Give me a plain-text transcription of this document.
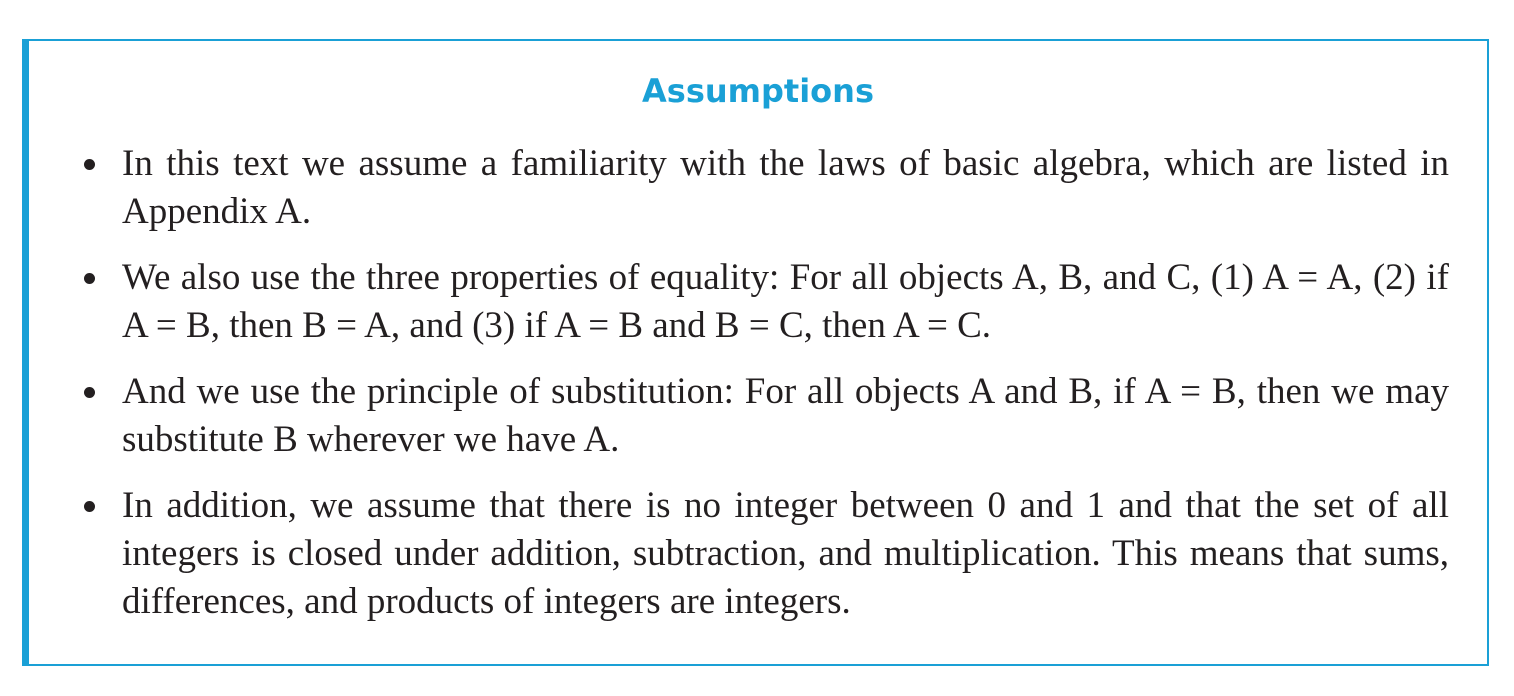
Assumptions
In this text we assume a familiarity with the laws of basic algebra, which are listed in Appendix A.
We also use the three properties of equality: For all objects A, B, and C, (1) A = A, (2) if A = B, then B = A, and (3) if A = B and B = C, then A = C.
And we use the principle of substitution: For all objects A and B, if A = B, then we may substitute B wherever we have A.
In addition, we assume that there is no integer between 0 and 1 and that the set of all integers is closed under addition, subtraction, and multiplication. This means that sums, differences, and products of integers are integers.
